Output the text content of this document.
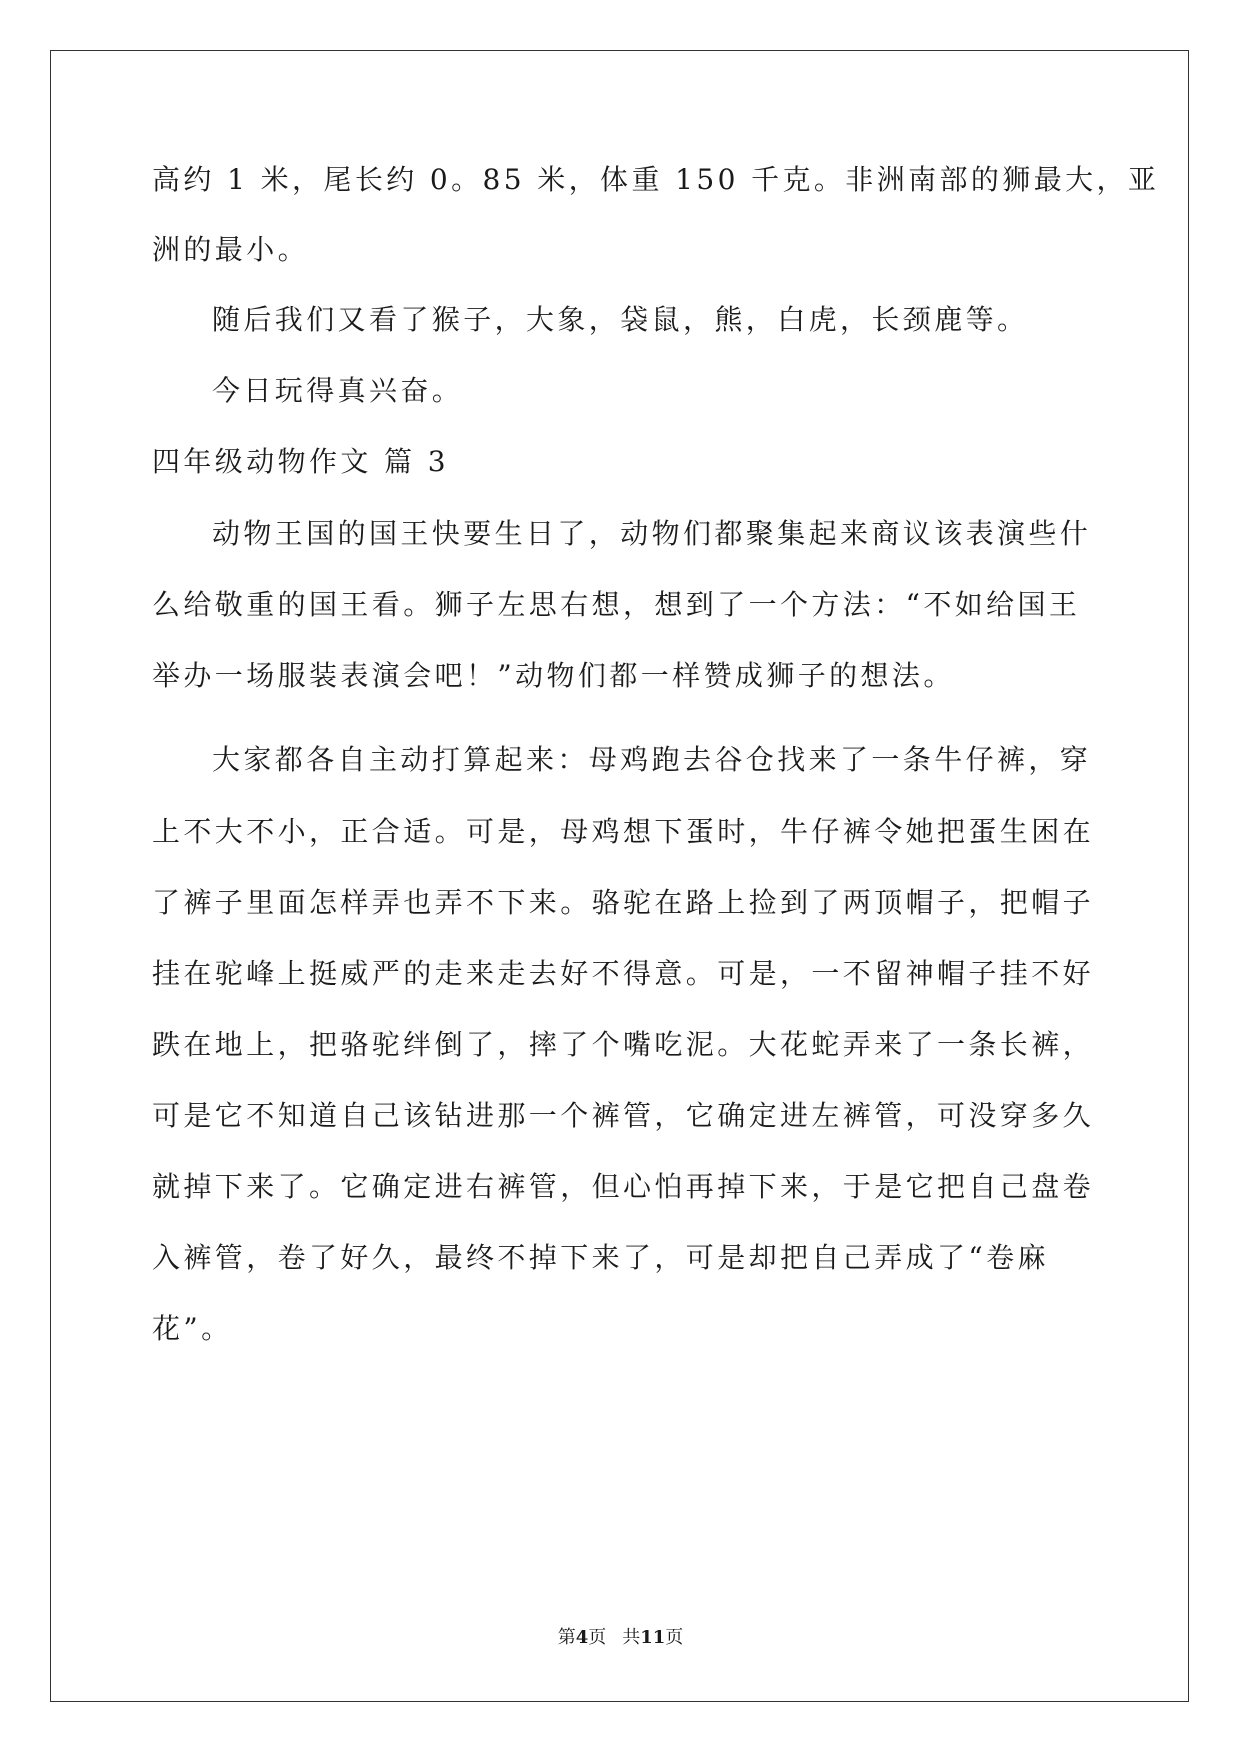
高约 1 米，尾长约 0。85 米，体重 150 千克。非洲南部的狮最大，亚
洲的最小。
随后我们又看了猴子，大象，袋鼠，熊，白虎，长颈鹿等。
今日玩得真兴奋。
四年级动物作文 篇 3
动物王国的国王快要生日了，动物们都聚集起来商议该表演些什
么给敬重的国王看。狮子左思右想，想到了一个方法：“不如给国王
举办一场服装表演会吧！”动物们都一样赞成狮子的想法。
大家都各自主动打算起来：母鸡跑去谷仓找来了一条牛仔裤，穿
上不大不小，正合适。可是，母鸡想下蛋时，牛仔裤令她把蛋生困在
了裤子里面怎样弄也弄不下来。骆驼在路上捡到了两顶帽子，把帽子
挂在驼峰上挺威严的走来走去好不得意。可是，一不留神帽子挂不好
跌在地上，把骆驼绊倒了，摔了个嘴吃泥。大花蛇弄来了一条长裤，
可是它不知道自己该钻进那一个裤管，它确定进左裤管，可没穿多久
就掉下来了。它确定进右裤管，但心怕再掉下来，于是它把自己盘卷
入裤管，卷了好久，最终不掉下来了，可是却把自己弄成了“卷麻
花”。
第4页 共11页
